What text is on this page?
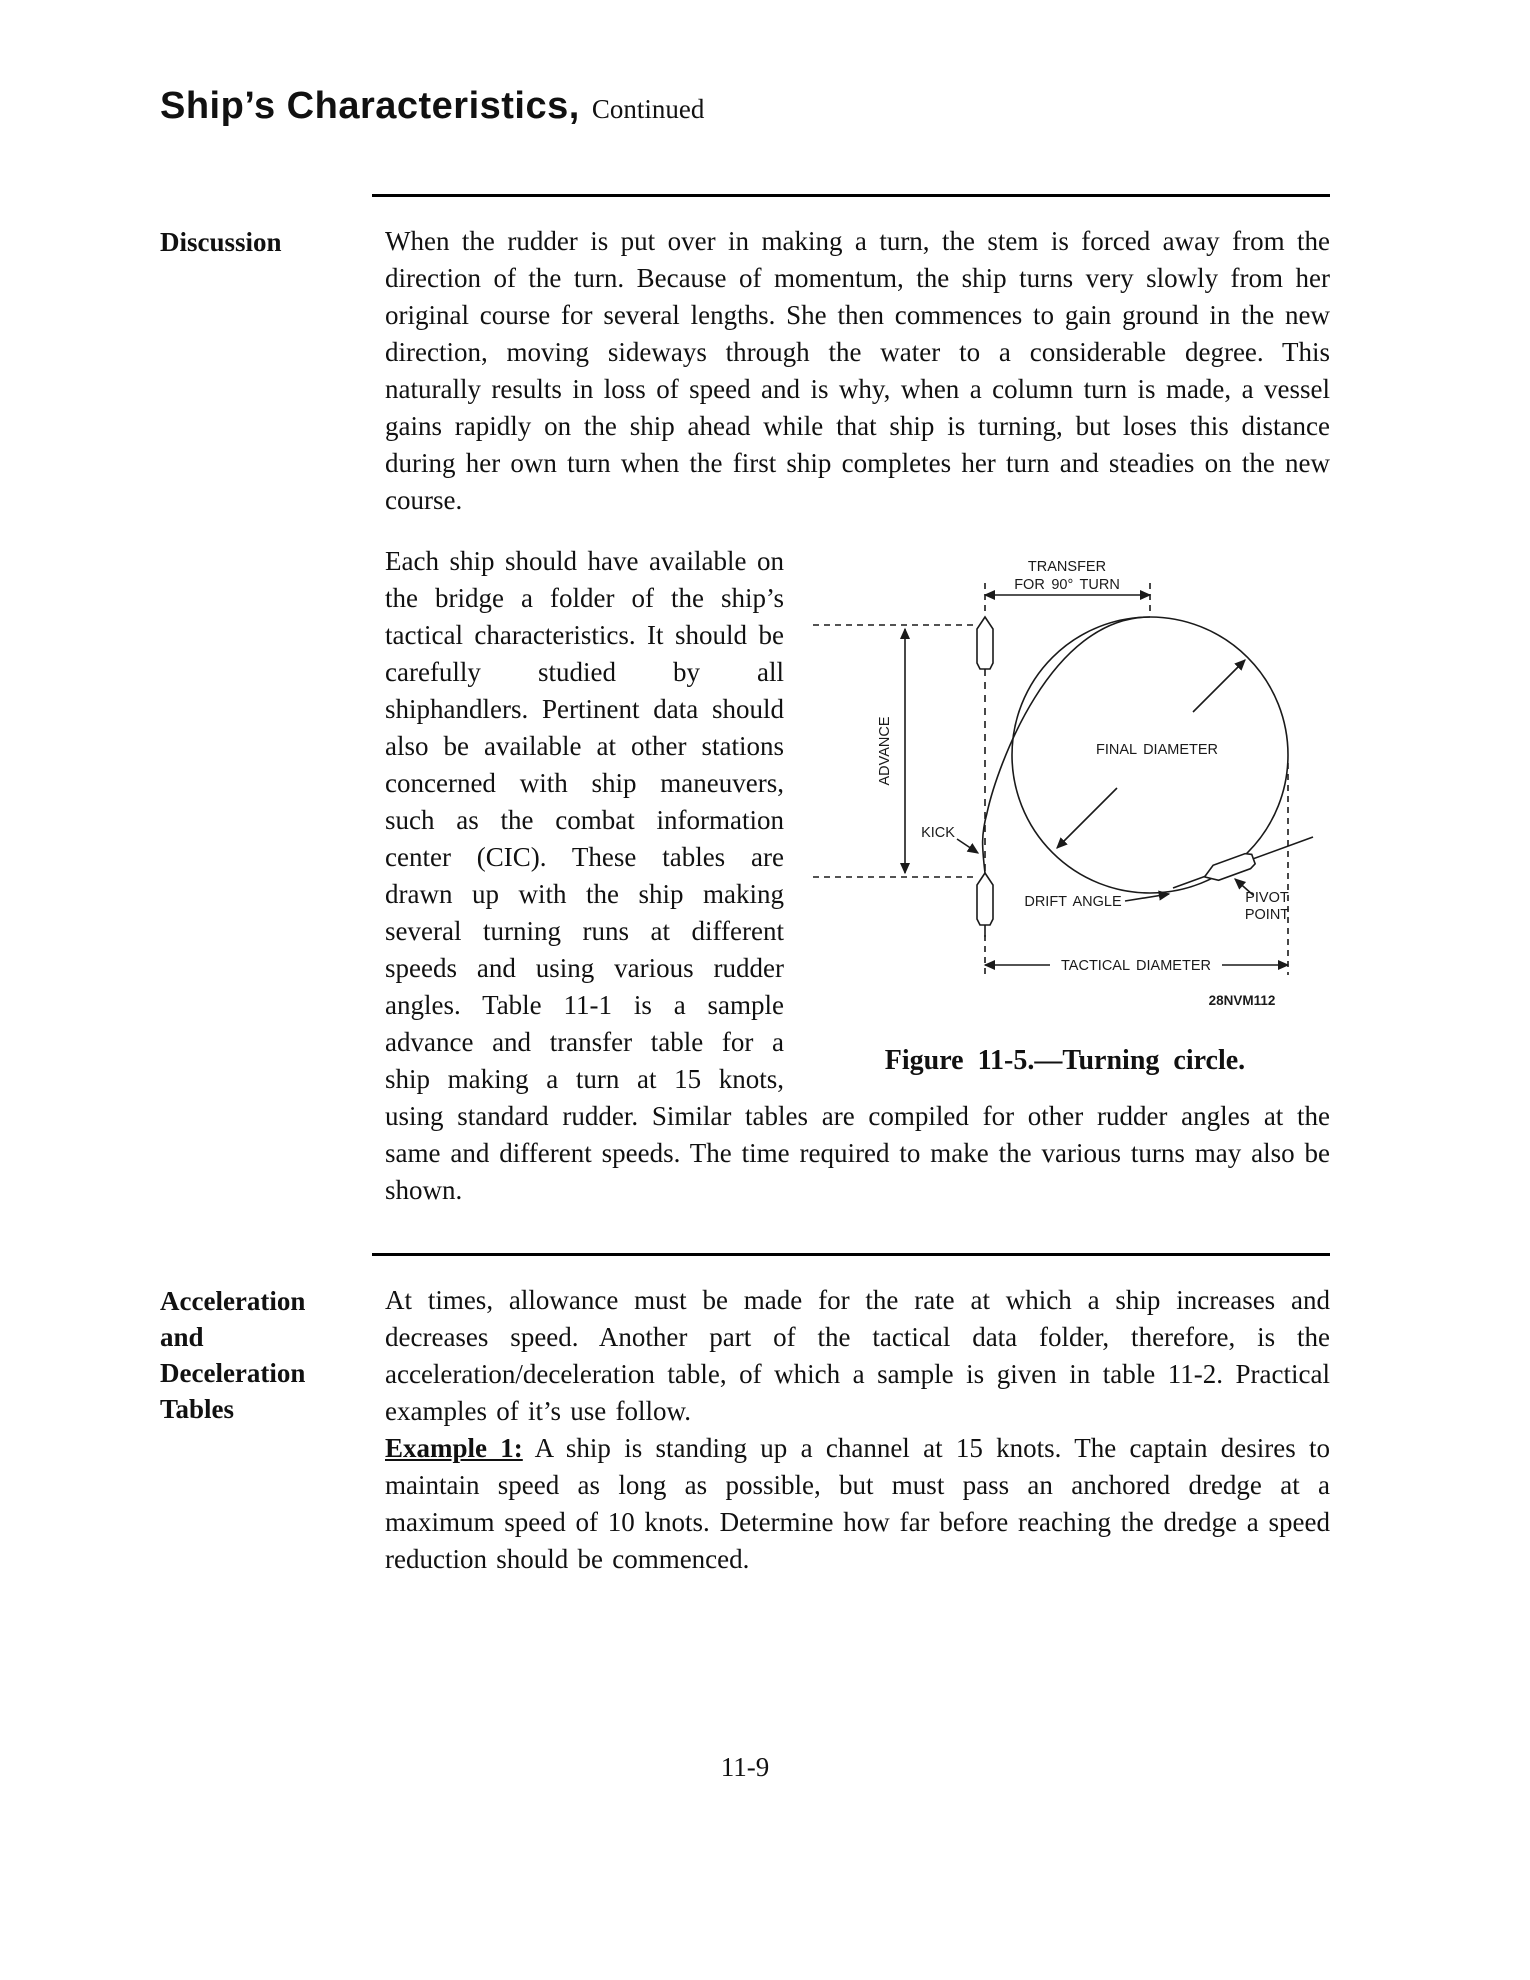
Ship’s Characteristics, Continued
Discussion	When the rudder is put over in making a turn, the stem is forced away from the direction of the turn. Because of momentum, the ship turns very slowly from her original course for several lengths. She then commences to gain ground in the new direction, moving sideways through the water to a considerable degree. This naturally results in loss of speed and is why, when a column turn is made, a vessel gains rapidly on the ship ahead while that ship is turning, but loses this distance during her own turn when the first ship completes her turn and steadies on the new course.

TRANSFER
FOR 90° TURN
ADVANCE	FINAL DIAMETER
KICK
DRIFT ANGLE	PIVOT
POINT
TACTICAL DIAMETER
28NVM112
Figure 11-5.—Turning circle.

Each ship should have available on the bridge a folder of the ship’s tactical characteristics. It should be carefully studied by all shiphandlers. Pertinent data should also be available at other stations concerned with ship maneuvers, such as the combat information center (CIC). These tables are drawn up with the ship making several turning runs at different speeds and using various rudder angles. Table 11-1 is a sample advance and transfer table for a ship making a turn at 15 knots, using standard rudder. Similar tables are compiled for other rudder angles at the same and different speeds. The time required to make the various turns may also be shown.

Acceleration
and
Deceleration
Tables

At times, allowance must be made for the rate at which a ship increases and decreases speed. Another part of the tactical data folder, therefore, is the acceleration/deceleration table, of which a sample is given in table 11-2. Practical examples of it’s use follow.

Example 1: A ship is standing up a channel at 15 knots. The captain desires to maintain speed as long as possible, but must pass an anchored dredge at a maximum speed of 10 knots. Determine how far before reaching the dredge a speed reduction should be commenced.

11-9
